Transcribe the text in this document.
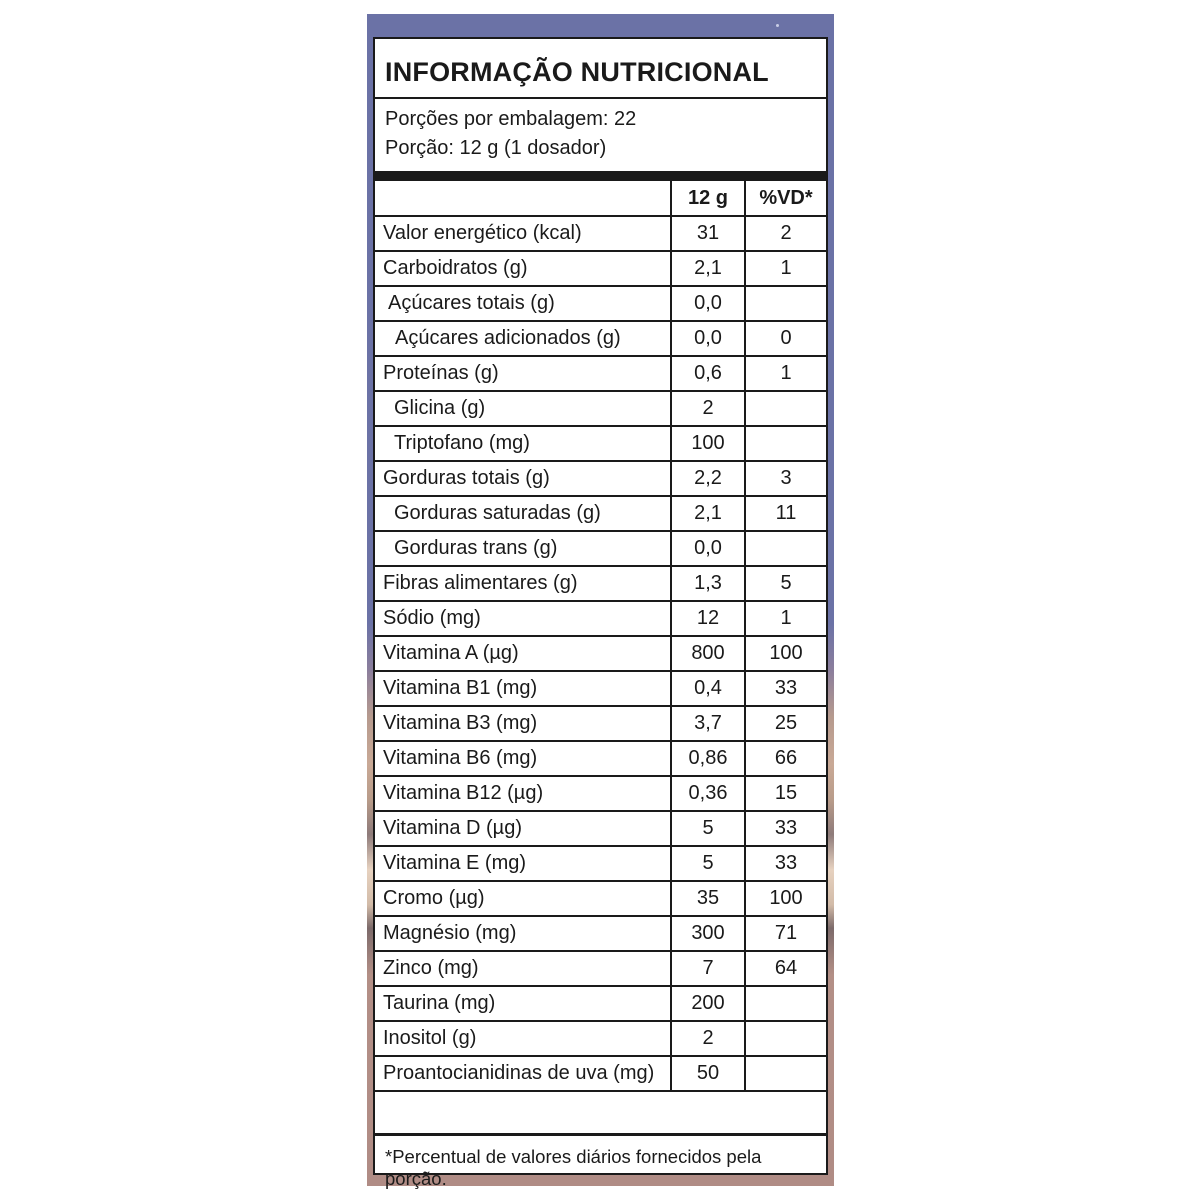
INFORMAÇÃO NUTRICIONAL
Porções por embalagem: 22
Porção: 12 g (1 dosador)
	12 g	%VD*
Valor energético (kcal)	31	2
Carboidratos (g)	2,1	1
Açúcares totais (g)	0,0	
Açúcares adicionados (g)	0,0	0
Proteínas (g)	0,6	1
Glicina (g)	2	
Triptofano (mg)	100	
Gorduras totais (g)	2,2	3
Gorduras saturadas (g)	2,1	11
Gorduras trans (g)	0,0	
Fibras alimentares (g)	1,3	5
Sódio (mg)	12	1
Vitamina A (µg)	800	100
Vitamina B1 (mg)	0,4	33
Vitamina B3 (mg)	3,7	25
Vitamina B6 (mg)	0,86	66
Vitamina B12 (µg)	0,36	15
Vitamina D (µg)	5	33
Vitamina E (mg)	5	33
Cromo (µg)	35	100
Magnésio (mg)	300	71
Zinco (mg)	7	64
Taurina (mg)	200	
Inositol (g)	2	
Proantocianidinas de uva (mg)	50	
*Percentual de valores diários fornecidos pela porção.
